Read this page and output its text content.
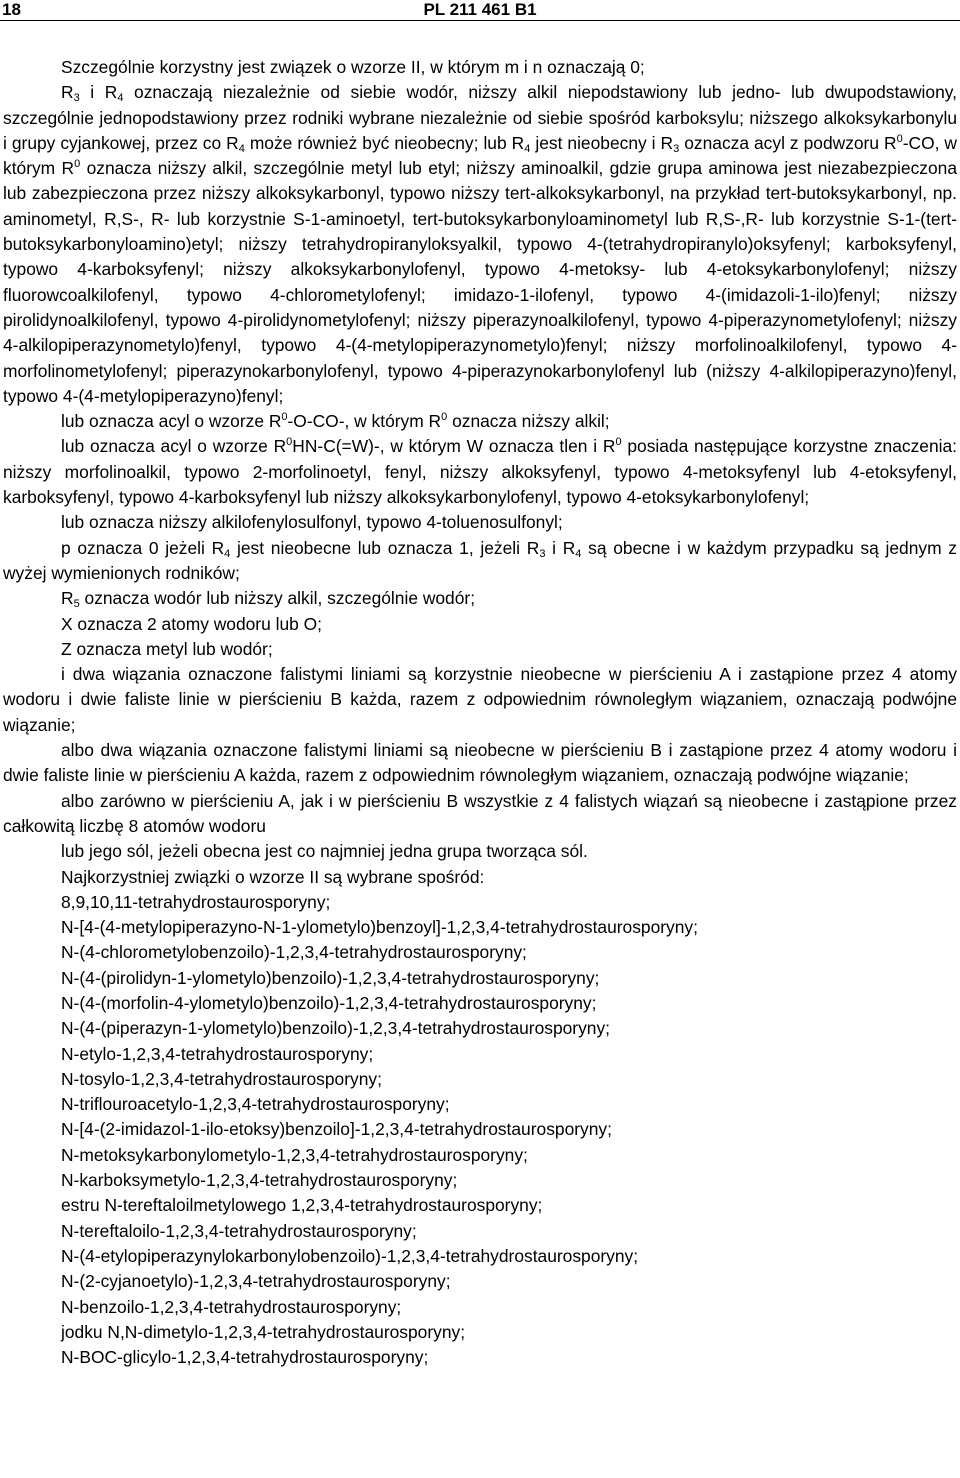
18	PL 211 461 B1

Szczególnie korzystny jest związek o wzorze II, w którym m i n oznaczają 0;

$R_3$ i $R_4$ oznaczają niezależnie od siebie wodór, niższy alkil niepodstawiony lub jedno- lub dwupodstawiony, szczególnie jednopodstawiony przez rodniki wybrane niezależnie od siebie spośród karboksylu; niższego alkoksykarbonylu i grupy cyjankowej, przez co $R_4$ może również być nieobecny; lub $R_4$ jest nieobecny i $R_3$ oznacza acyl z podwzoru $R^0-CO$, w którym $R^0$ oznacza niższy alkil, szczególnie metyl lub etyl; niższy aminoalkil, gdzie grupa aminowa jest niezabezpieczona lub zabezpieczona przez niższy alkoksykarbonyl, typowo niższy tert-alkoksykarbonyl, na przykład tert-butoksykarbonyl, np. aminometyl, R,S-, R- lub korzystnie S-1-aminoetyl, tert-butoksykarbonyloaminometyl lub R,S-,R- lub korzystnie S-1-(tert-butoksykarbonyloamino)etyl; niższy tetrahydropiranyloksyalkil, typowo 4-(tetrahydropiranylo)oksyfenyl; karboksyfenyl, typowo 4-karboksyfenyl; niższy alkoksykarbonylofenyl, typowo 4-metoksy- lub 4-etoksykarbonylofenyl; niższy fluorowcoalkilofenyl, typowo 4-chlorometylofenyl; imidazo-1-ilofenyl, typowo 4-(imidazoli-1-ilo)fenyl; niższy pirolidynoalkilofenyl, typowo 4-pirolidynometylofenyl; niższy piperazynoalkilofenyl, typowo 4-piperazynometylofenyl; niższy 4-alkilopiperazynometylo)fenyl, typowo 4-(4-metylopiperazynometylo)fenyl; niższy morfolinoalkilofenyl, typowo 4-morfolinometylofenyl; piperazynokarbonylofenyl, typowo 4-piperazynokarbonylofenyl lub (niższy 4-alkilopiperazyno)fenyl, typowo 4-(4-metylopiperazyno)fenyl;

lub oznacza acyl o wzorze $R^0-O-CO-$, w którym $R^0$ oznacza niższy alkil;

lub oznacza acyl o wzorze $R^0HN-C(=W)-$, w którym W oznacza tlen i $R^0$ posiada następujące korzystne znaczenia: niższy morfolinoalkil, typowo 2-morfolinoetyl, fenyl, niższy alkoksyfenyl, typowo 4-metoksyfenyl lub 4-etoksyfenyl, karboksyfenyl, typowo 4-karboksyfenyl lub niższy alkoksykarbonylofenyl, typowo 4-etoksykarbonylofenyl;

lub oznacza niższy alkilofenylosulfonyl, typowo 4-toluenosulfonyl;

p oznacza 0 jeżeli $R_4$ jest nieobecne lub oznacza 1, jeżeli $R_3$ i $R_4$ są obecne i w każdym przypadku są jednym z wyżej wymienionych rodników;

$R_5$ oznacza wodór lub niższy alkil, szczególnie wodór;

X oznacza 2 atomy wodoru lub O;

Z oznacza metyl lub wodór;

i dwa wiązania oznaczone falistymi liniami są korzystnie nieobecne w pierścieniu A i zastąpione przez 4 atomy wodoru i dwie faliste linie w pierścieniu B każda, razem z odpowiednim równoległym wiązaniem, oznaczają podwójne wiązanie;

albo dwa wiązania oznaczone falistymi liniami są nieobecne w pierścieniu B i zastąpione przez 4 atomy wodoru i dwie faliste linie w pierścieniu A każda, razem z odpowiednim równoległym wiązaniem, oznaczają podwójne wiązanie;

albo zarówno w pierścieniu A, jak i w pierścieniu B wszystkie z 4 falistych wiązań są nieobecne i zastąpione przez całkowitą liczbę 8 atomów wodoru

lub jego sól, jeżeli obecna jest co najmniej jedna grupa tworząca sól.

Najkorzystniej związki o wzorze II są wybrane spośród:

8,9,10,11-tetrahydrostaurosporyny;

N-[4-(4-metylopiperazyno-N-1-ylometylo)benzoyl]-1,2,3,4-tetrahydrostaurosporyny;

N-(4-chlorometylobenzoilo)-1,2,3,4-tetrahydrostaurosporyny;

N-(4-(pirolidyn-1-ylometylo)benzoilo)-1,2,3,4-tetrahydrostaurosporyny;

N-(4-(morfolin-4-ylometylo)benzoilo)-1,2,3,4-tetrahydrostaurosporyny;

N-(4-(piperazyn-1-ylometylo)benzoilo)-1,2,3,4-tetrahydrostaurosporyny;

N-etylo-1,2,3,4-tetrahydrostaurosporyny;

N-tosylo-1,2,3,4-tetrahydrostaurosporyny;

N-triflouroacetylo-1,2,3,4-tetrahydrostaurosporyny;

N-[4-(2-imidazol-1-ilo-etoksy)benzoilo]-1,2,3,4-tetrahydrostaurosporyny;

N-metoksykarbonylometylo-1,2,3,4-tetrahydrostaurosporyny;

N-karboksymetylo-1,2,3,4-tetrahydrostaurosporyny;

estru N-tereftaloilmetylowego 1,2,3,4-tetrahydrostaurosporyny;

N-tereftaloilo-1,2,3,4-tetrahydrostaurosporyny;

N-(4-etylopiperazynylokarbonylobenzoilo)-1,2,3,4-tetrahydrostaurosporyny;

N-(2-cyjanoetylo)-1,2,3,4-tetrahydrostaurosporyny;

N-benzoilo-1,2,3,4-tetrahydrostaurosporyny;

jodku N,N-dimetylo-1,2,3,4-tetrahydrostaurosporyny;

N-BOC-glicylo-1,2,3,4-tetrahydrostaurosporyny;
